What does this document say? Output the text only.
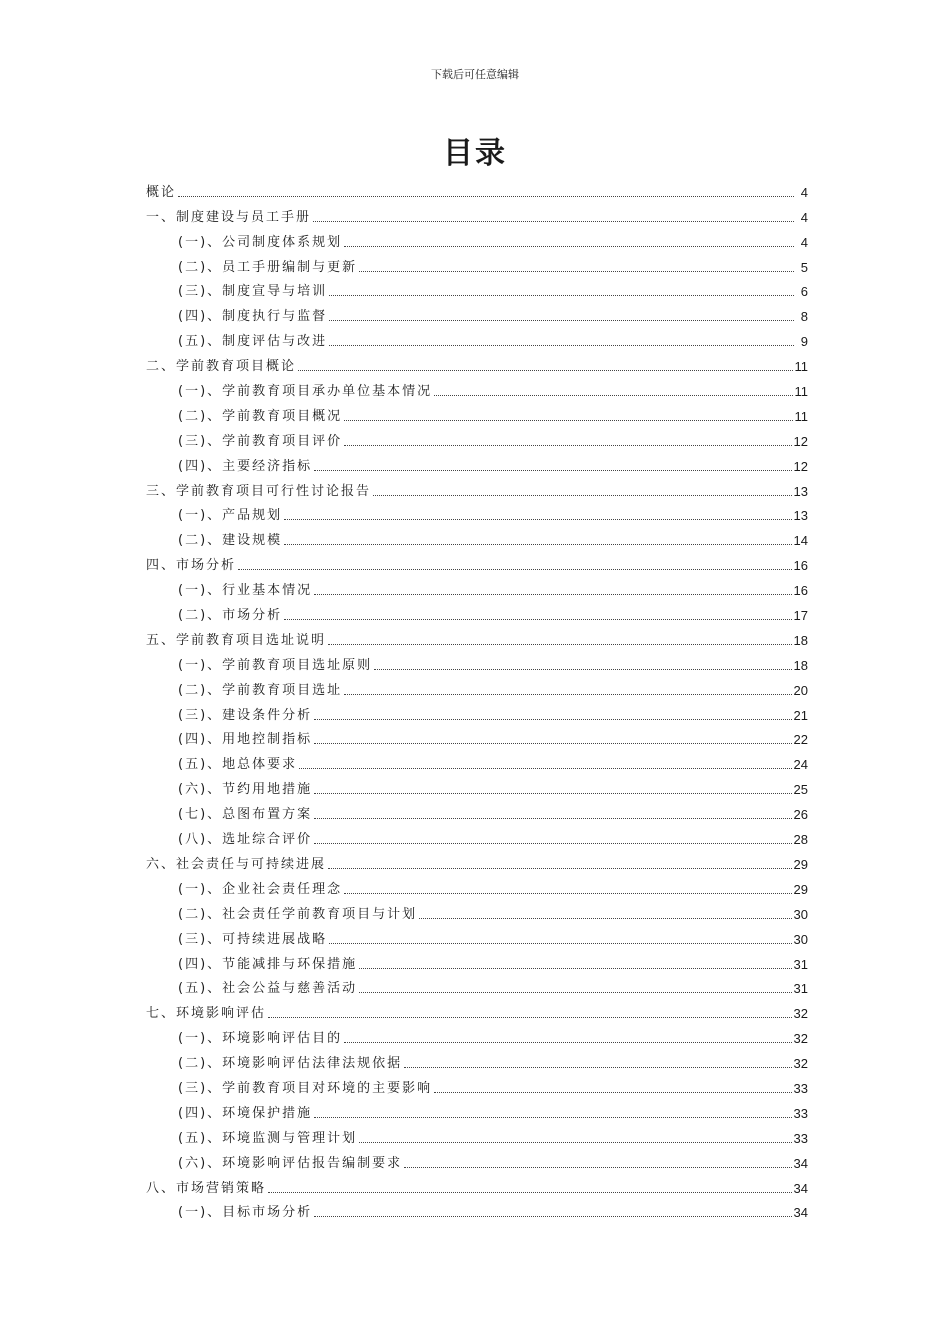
下载后可任意编辑
目录
概论	4
一、制度建设与员工手册	4
(一)、公司制度体系规划	4
(二)、员工手册编制与更新	5
(三)、制度宣导与培训	6
(四)、制度执行与监督	8
(五)、制度评估与改进	9
二、学前教育项目概论	11
(一)、学前教育项目承办单位基本情况	11
(二)、学前教育项目概况	11
(三)、学前教育项目评价	12
(四)、主要经济指标	12
三、学前教育项目可行性讨论报告	13
(一)、产品规划	13
(二)、建设规模	14
四、市场分析	16
(一)、行业基本情况	16
(二)、市场分析	17
五、学前教育项目选址说明	18
(一)、学前教育项目选址原则	18
(二)、学前教育项目选址	20
(三)、建设条件分析	21
(四)、用地控制指标	22
(五)、地总体要求	24
(六)、节约用地措施	25
(七)、总图布置方案	26
(八)、选址综合评价	28
六、社会责任与可持续进展	29
(一)、企业社会责任理念	29
(二)、社会责任学前教育项目与计划	30
(三)、可持续进展战略	30
(四)、节能减排与环保措施	31
(五)、社会公益与慈善活动	31
七、环境影响评估	32
(一)、环境影响评估目的	32
(二)、环境影响评估法律法规依据	32
(三)、学前教育项目对环境的主要影响	33
(四)、环境保护措施	33
(五)、环境监测与管理计划	33
(六)、环境影响评估报告编制要求	34
八、市场营销策略	34
(一)、目标市场分析	34
